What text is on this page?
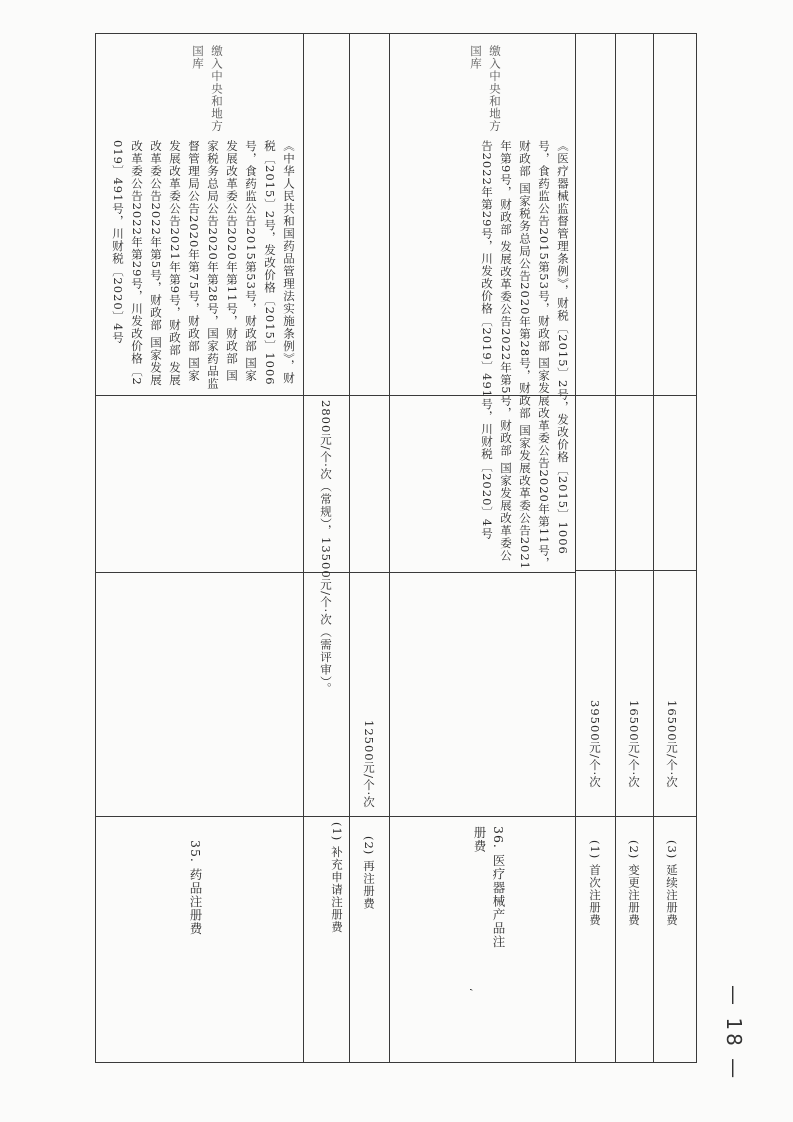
35. 药品注册费
《中华人民共和国药品管理法实施条例》，财税〔2015〕2号，发改价格〔2015〕1006号，食药监公告2015第53号，财政部 国家发展改革委公告2020年第11号，财政部 国家税务总局公告2020年第28号，国家药品监督管理局公告2020年第75号，财政部 国家发展改革委公告2021年第9号，财政部 发展改革委公告2022年第5号，财政部 国家发展改革委公告2022年第29号，川发改价格〔2019〕491号，川财税〔2020〕4号
缴入中央和地方国库
(1) 补充申请注册费
2800元/个·次（常规），13500元/个·次（需评审）。
(2) 再注册费
12500元/个·次
36. 医疗器械产品注册费
《医疗器械监督管理条例》，财税〔2015〕2号，发改价格〔2015〕1006号，食药监公告2015第53号，财政部 国家发展改革委公告2020年第11号，财政部 国家税务总局公告2020年第28号，财政部 国家发展改革委公告2021年第9号，财政部 发展改革委公告2022年第5号，财政部 国家发展改革委公告2022年第29号，川发改价格〔2019〕491号，川财税〔2020〕4号
缴入中央和地方国库
‘
(1) 首次注册费
39500元/个·次
(2) 变更注册费
16500元/个·次
(3) 延续注册费
16500元/个·次
— 18 —
